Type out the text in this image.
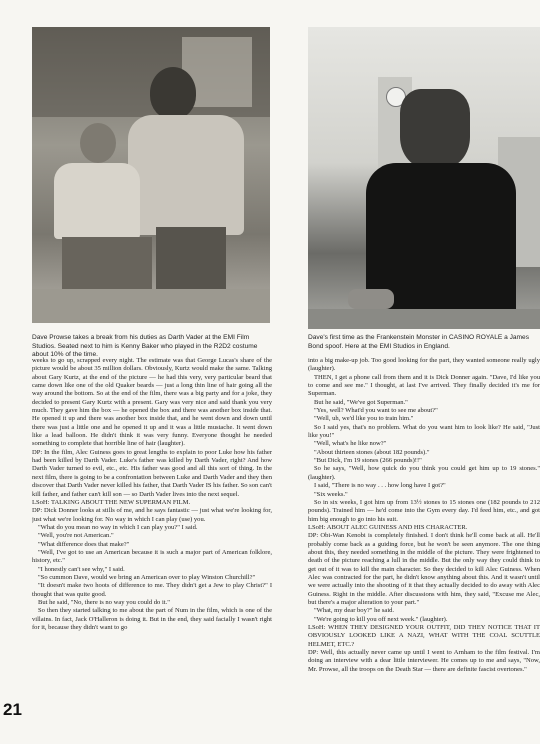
Dave Prowse takes a break from his duties as Darth Vader at the EMI Film Studios. Seated next to him is Kenny Baker who played in the R2D2 costume about 10% of the time.
Dave's first time as the Frankenstein Monster in CASINO ROYALE a James Bond spoof. Here at the EMI Studios in England.

weeks to go up, scrapped every night. The estimate was that George Lucas's share of the picture would be about 35 million dollars. Obviously, Kurtz would make the same. Talking about Gary Kurtz, at the end of the picture — he had this very, very particular beard that came down like one of the old Quaker beards — just a long thin line of hair going all the way around the bottom. So at the end of the film, there was a big party and for a joke, they decided to present Gary Kurtz with a present. Gary was very nice and said thank you very much. They gave him the box — he opened the box and there was another box inside that. He opened it up and there was another box inside that, and he went down and down until there was just a little one and he opened it up and it was a little mustache. It went down like a lead balloon. He didn't think it was very funny. Everyone thought he needed something to complete that horrible line of hair (laughter).

DP: In the film, Alec Guiness goes to great lengths to explain to poor Luke how his father had been killed by Darth Vader. Luke's father was killed by Darth Vader, right? And how Darth Vader turned to evil, etc., etc. His father was good and all this sort of thing. In the next film, there is going to be a confrontation between Luke and Darth Vader and they then discover that Darth Vader never killed his father, that Darth Vader IS his father. So son can't kill father, and father can't kill son — so Darth Vader lives into the next sequel.

LSoH: TALKING ABOUT THE NEW SUPERMAN FILM.

DP: Dick Donner looks at stills of me, and he says fantastic — just what we're looking for, just what we're looking for. No way in which I can play (use) you.

"What do you mean no way in which I can play you?" I said.

"Well, you're not American."

"What difference does that make?"

"Well, I've got to use an American because it is such a major part of American folklore, history, etc."

"I honestly can't see why," I said.

"So cummon Dave, would we bring an American over to play Winston Churchill?"

"It doesn't make two hoots of difference to me. They didn't get a Jew to play Christ?" I thought that was quite good.

But he said, "No, there is no way you could do it."

So then they started talking to me about the part of Num in the film, which is one of the villains. In fact, Jack O'Halleron is doing it. But in the end, they said facially I wasn't right for it, because they didn't want to go

into a big make-up job. Too good looking for the part, they wanted someone really ugly (laughter).

THEN, I get a phone call from them and it is Dick Donner again. "Dave, I'd like you to come and see me." I thought, at last I've arrived. They finally decided it's me for Superman.

But he said, "We've got Superman."

"Yes, well? What'd you want to see me about?"

"Well, uh, we'd like you to train him."

So I said yes, that's no problem. What do you want him to look like? He said, "Just like you!"

"Well, what's he like now?"

"About thirteen stones (about 182 pounds)."

"But Dick, I'm 19 stones (266 pounds)!!"

So he says, "Well, how quick do you think you could get him up to 19 stones." (laughter).

I said, "There is no way . . . how long have I got?"

"Six weeks."

So in six weeks, I got him up from 13½ stones to 15 stones one (182 pounds to 212 pounds). Trained him — he'd come into the Gym every day. I'd feed him, etc., and got him big enough to go into his suit.

LSoH: ABOUT ALEC GUINESS AND HIS CHARACTER.

DP: Obi-Wan Kenobi is completely finished. I don't think he'll come back at all. He'll probably come back as a guiding force, but he won't be seen anymore. The one thing about this, they needed something in the middle of the picture. They were frightened to death of the picture reaching a lull in the middle. But the only way they could think to get out of it was to kill the main character. So they decided to kill Alec Guiness. When Alec was contracted for the part, he didn't know anything about this. And it wasn't until we were actually into the shooting of it that they actually decided to do away with Alec Guiness. Right in the middle. After discussions with him, they said, "Excuse me Alec, but there's a major alteration to your part."

"What, my dear boy?" he said.

"We're going to kill you off next week." (laughter).

LSoH: WHEN THEY DESIGNED YOUR OUTFIT, DID THEY NOTICE THAT IT OBVIOUSLY LOOKED LIKE A NAZI, WHAT WITH THE COAL SCUTTLE HELMET, ETC.?

DP: Well, this actually never came up until I went to Arnham to the film festival. I'm doing an interview with a dear little interviewer. He comes up to me and says, "Now, Mr. Prowse, all the troops on the Death Star — there are definite fascist overtones."

21
